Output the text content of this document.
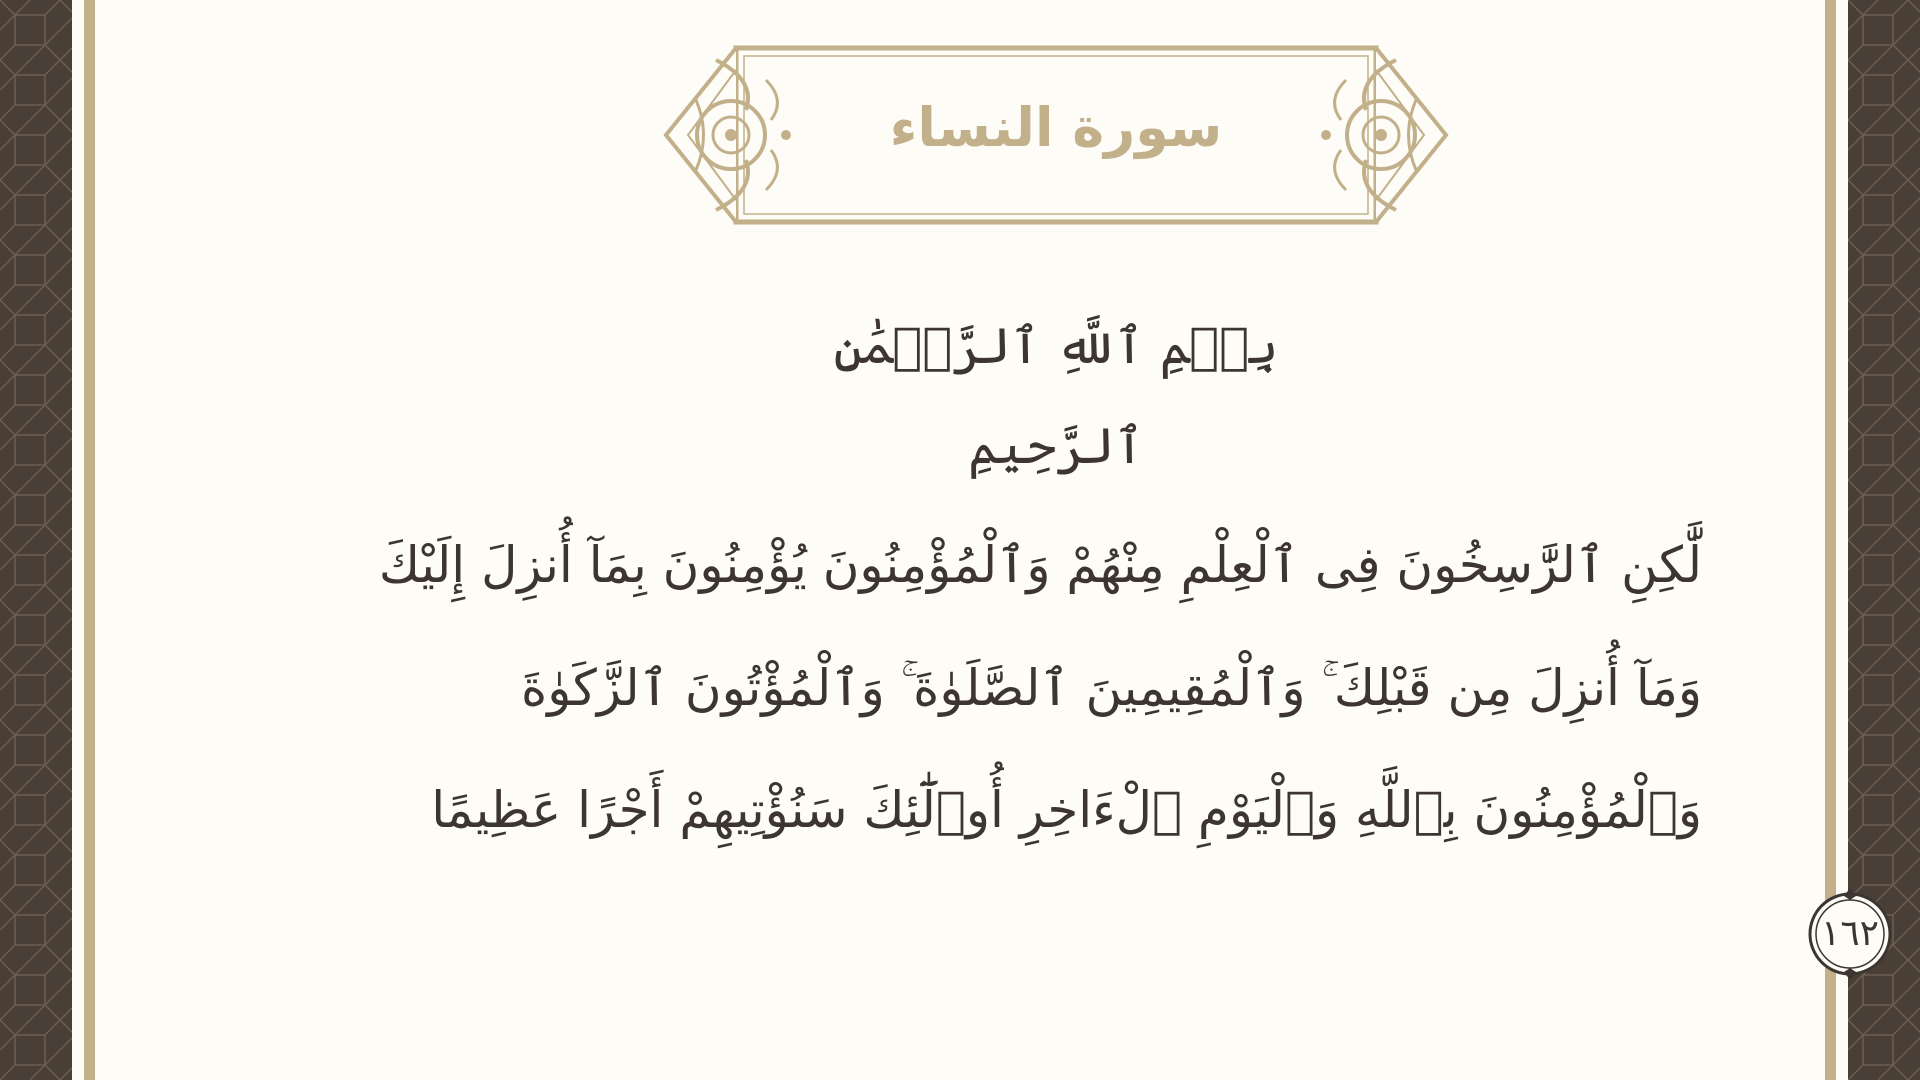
سورة النساء
بِسۡمِ ٱللَّهِ ٱلرَّحۡمَٰنِ ٱلرَّحِيمِ
لَّٰكِنِ ٱلرَّٰسِخُونَ فِى ٱلْعِلْمِ مِنْهُمْ وَٱلْمُؤْمِنُونَ يُؤْمِنُونَ بِمَآ أُنزِلَ إِلَيْكَ
وَمَآ أُنزِلَ مِن قَبْلِكَ ۚ وَٱلْمُقِيمِينَ ٱلصَّلَوٰةَ ۚ وَٱلْمُؤْتُونَ ٱلزَّكَوٰةَ
وَٱلْمُؤْمِنُونَ بِٱللَّهِ وَٱلْيَوْمِ ٱلْءَاخِرِ أُو۟لَٰٓئِكَ سَنُؤْتِيهِمْ أَجْرًا عَظِيمًا
١٦٢
